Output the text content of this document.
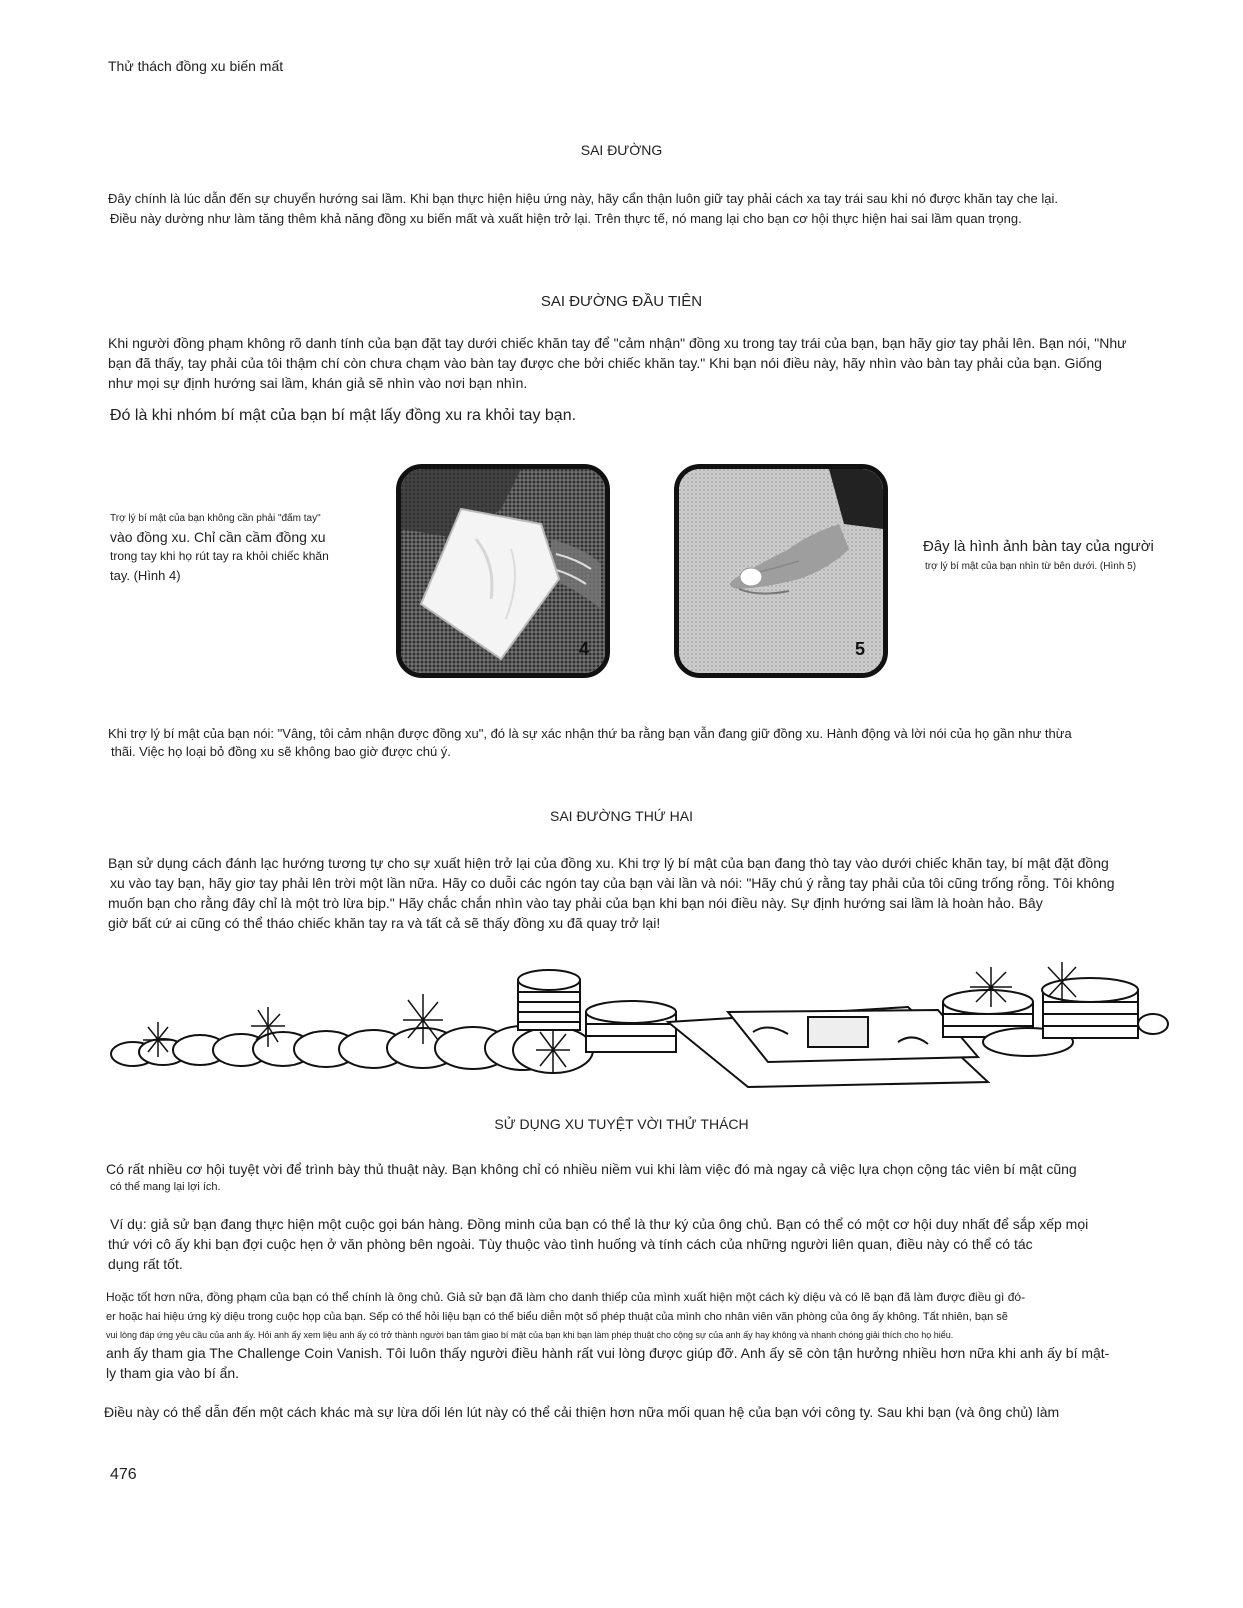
Thử thách đồng xu biến mất
SAI ĐƯỜNG
Đây chính là lúc dẫn đến sự chuyển hướng sai lầm. Khi bạn thực hiện hiệu ứng này, hãy cẩn thận luôn giữ tay phải cách xa tay trái sau khi nó được khăn tay che lại.
Điều này dường như làm tăng thêm khả năng đồng xu biến mất và xuất hiện trở lại. Trên thực tế, nó mang lại cho bạn cơ hội thực hiện hai sai lầm quan trọng.
SAI ĐƯỜNG ĐẦU TIÊN
Khi người đồng phạm không rõ danh tính của bạn đặt tay dưới chiếc khăn tay để "cảm nhận" đồng xu trong tay trái của bạn, bạn hãy giơ tay phải lên. Bạn nói, "Như
bạn đã thấy, tay phải của tôi thậm chí còn chưa chạm vào bàn tay được che bởi chiếc khăn tay." Khi bạn nói điều này, hãy nhìn vào bàn tay phải của bạn. Giống
như mọi sự định hướng sai lầm, khán giả sẽ nhìn vào nơi bạn nhìn.
Đó là khi nhóm bí mật của bạn bí mật lấy đồng xu ra khỏi tay bạn.
Trợ lý bí mật của bạn không cần phải "đấm tay"
vào đồng xu. Chỉ cần cầm đồng xu
trong tay khi họ rút tay ra khỏi chiếc khăn
tay. (Hình 4)
4	5
Đây là hình ảnh bàn tay của người
trợ lý bí mật của bạn nhìn từ bên dưới. (Hình 5)
Khi trợ lý bí mật của bạn nói: "Vâng, tôi cảm nhận được đồng xu", đó là sự xác nhận thứ ba rằng bạn vẫn đang giữ đồng xu. Hành động và lời nói của họ gần như thừa
thãi. Việc họ loại bỏ đồng xu sẽ không bao giờ được chú ý.
SAI ĐƯỜNG THỨ HAI
Bạn sử dụng cách đánh lạc hướng tương tự cho sự xuất hiện trở lại của đồng xu. Khi trợ lý bí mật của bạn đang thò tay vào dưới chiếc khăn tay, bí mật đặt đồng
xu vào tay bạn, hãy giơ tay phải lên trời một lần nữa. Hãy co duỗi các ngón tay của bạn vài lần và nói: "Hãy chú ý rằng tay phải của tôi cũng trống rỗng. Tôi không
muốn bạn cho rằng đây chỉ là một trò lừa bịp." Hãy chắc chắn nhìn vào tay phải của bạn khi bạn nói điều này. Sự định hướng sai lầm là hoàn hảo. Bây
giờ bất cứ ai cũng có thể tháo chiếc khăn tay ra và tất cả sẽ thấy đồng xu đã quay trở lại!
SỬ DỤNG XU TUYỆT VỜI THỬ THÁCH
Có rất nhiều cơ hội tuyệt vời để trình bày thủ thuật này. Bạn không chỉ có nhiều niềm vui khi làm việc đó mà ngay cả việc lựa chọn cộng tác viên bí mật cũng
có thể mang lại lợi ích.
Ví dụ: giả sử bạn đang thực hiện một cuộc gọi bán hàng. Đồng minh của bạn có thể là thư ký của ông chủ. Bạn có thể có một cơ hội duy nhất để sắp xếp mọi
thứ với cô ấy khi bạn đợi cuộc hẹn ở văn phòng bên ngoài. Tùy thuộc vào tình huống và tính cách của những người liên quan, điều này có thể có tác
dụng rất tốt.
Hoặc tốt hơn nữa, đồng phạm của bạn có thể chính là ông chủ. Giả sử bạn đã làm cho danh thiếp của mình xuất hiện một cách kỳ diệu và có lẽ bạn đã làm được điều gì đó-
er hoặc hai hiệu ứng kỳ diệu trong cuộc họp của bạn. Sếp có thể hỏi liệu bạn có thể biểu diễn một số phép thuật của mình cho nhân viên văn phòng của ông ấy không. Tất nhiên, bạn sẽ
vui lòng đáp ứng yêu cầu của anh ấy. Hỏi anh ấy xem liệu anh ấy có trở thành người bạn tâm giao bí mật của bạn khi bạn làm phép thuật cho cộng sự của anh ấy hay không và nhanh chóng giải thích cho họ hiểu.
anh ấy tham gia The Challenge Coin Vanish. Tôi luôn thấy người điều hành rất vui lòng được giúp đỡ. Anh ấy sẽ còn tận hưởng nhiều hơn nữa khi anh ấy bí mật-
ly tham gia vào bí ẩn.
Điều này có thể dẫn đến một cách khác mà sự lừa dối lén lút này có thể cải thiện hơn nữa mối quan hệ của bạn với công ty. Sau khi bạn (và ông chủ) làm
476
